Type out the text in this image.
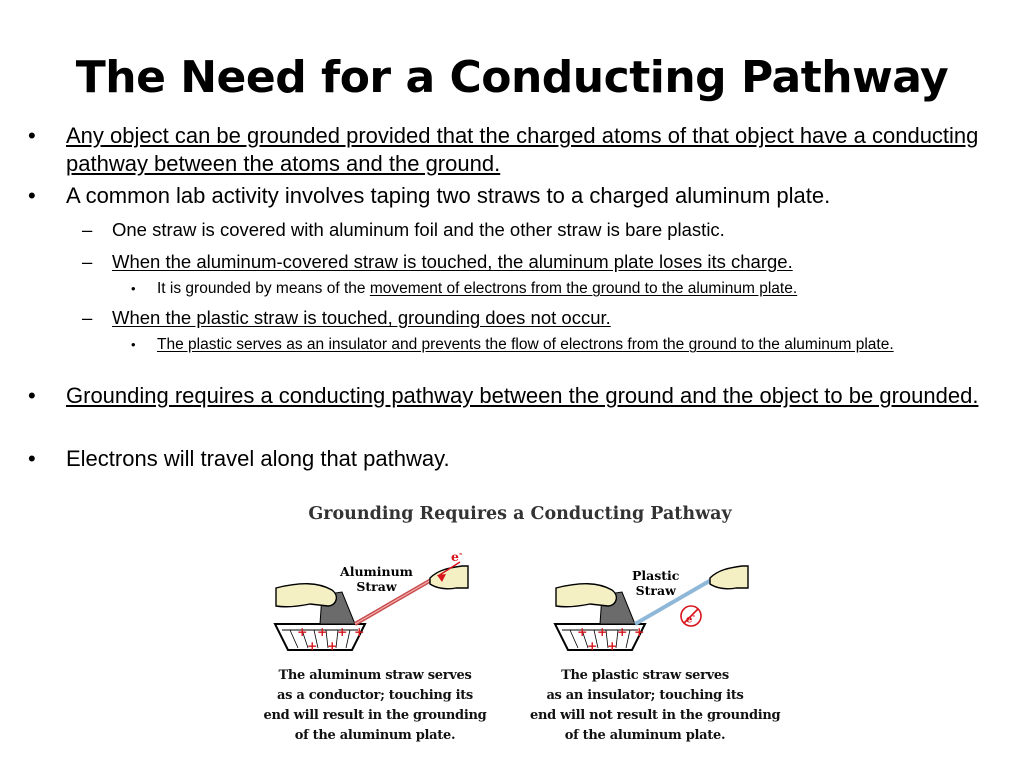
The Need for a Conducting Pathway
• Any object can be grounded provided that the charged atoms of that object have a conducting pathway between the atoms and the ground.
• A common lab activity involves taping two straws to a charged aluminum plate.
– One straw is covered with aluminum foil and the other straw is bare plastic.
– When the aluminum-covered straw is touched, the aluminum plate loses its charge.
• It is grounded by means of the movement of electrons from the ground to the aluminum plate.
– When the plastic straw is touched, grounding does not occur.
• The plastic serves as an insulator and prevents the flow of electrons from the ground to the aluminum plate.
• Grounding requires a conducting pathway between the ground and the object to be grounded.
• Electrons will travel along that pathway.
Grounding Requires a Conducting Pathway
+ + + +
+ +
+ + + +
+ +
Aluminum
Straw
e-
Plastic
Straw
e-
The aluminum straw serves
as a conductor; touching its
end will result in the grounding
of the aluminum plate.
The plastic straw serves
as an insulator; touching its
end will not result in the grounding
of the aluminum plate.
